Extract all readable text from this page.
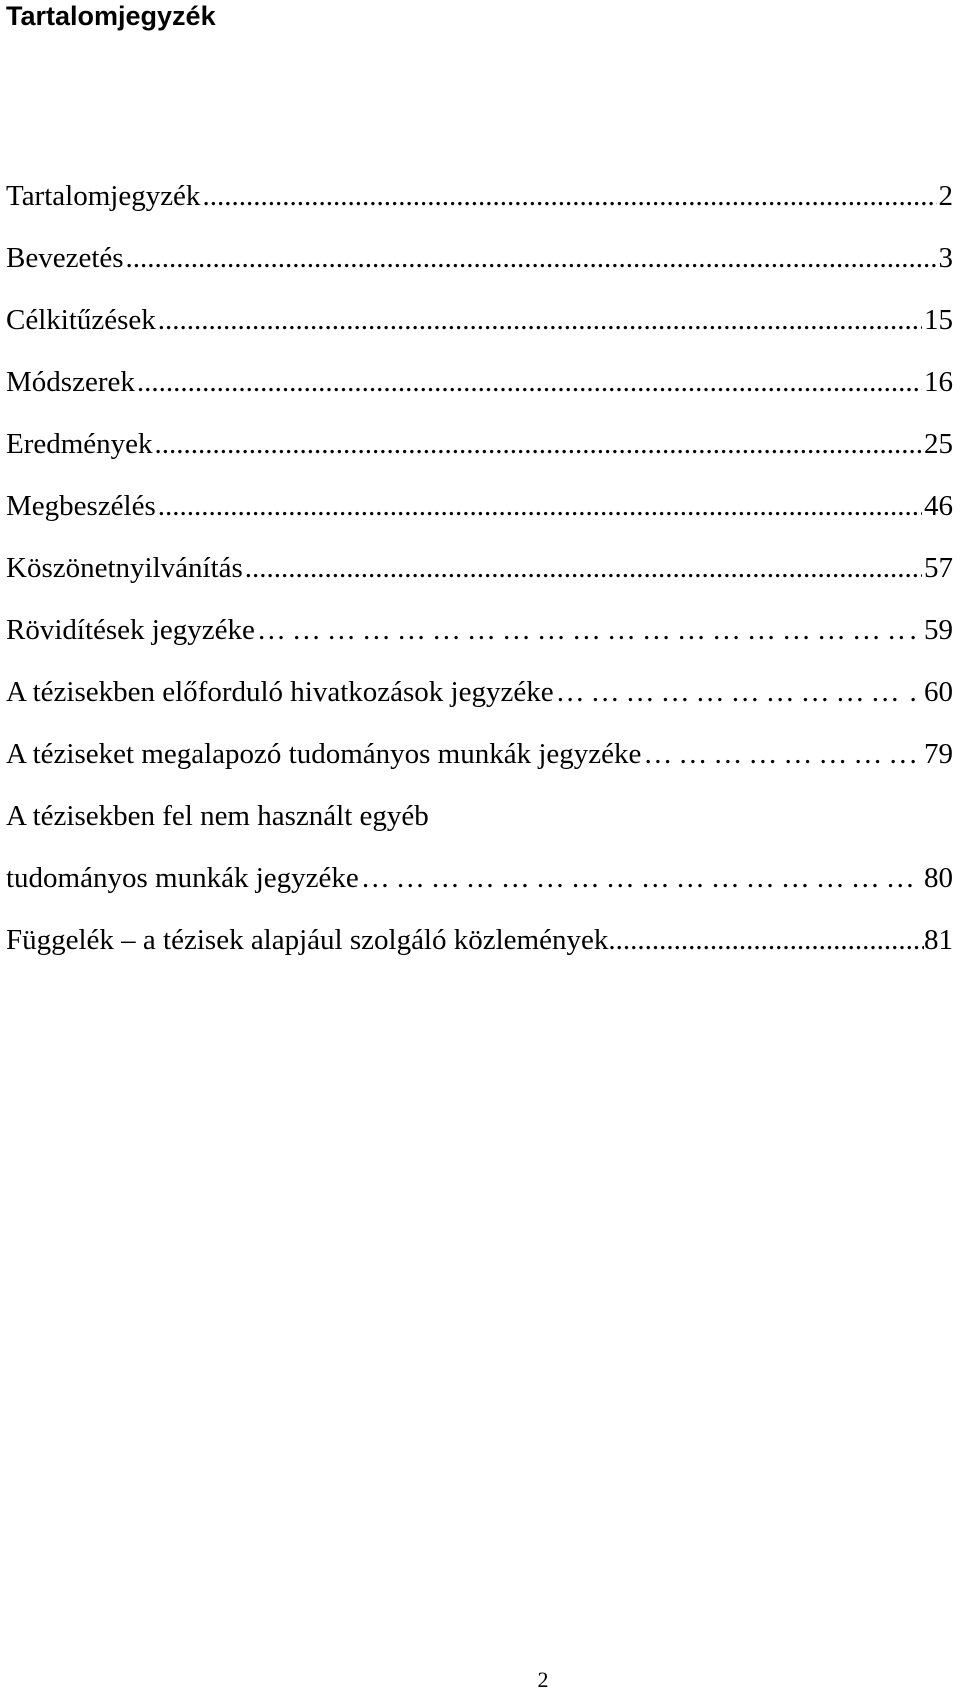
Tartalomjegyzék
Tartalomjegyzék .....	2
Bevezetés .....	3
Célkitűzések .....	15
Módszerek .....	16
Eredmények .....	25
Megbeszélés .....	46
Köszönetnyilvánítás .....	57
Rövidítések jegyzéke ……………………………………………………………………………………………………………………………………………………………………	. 59
A tézisekben előforduló hivatkozások jegyzéke ……………………………………………………………………………………………………………………………………………………………………	. 60
A téziseket megalapozó tudományos munkák jegyzéke ……………………………………………………………………………………………………………………………………………………………………	. 79
A tézisekben fel nem használt egyéb
tudományos munkák jegyzéke ……………………………………………………………………………………………………………………………………………………………………	80
Függelék – a tézisek alapjául szolgáló közlemények .....	81
2
